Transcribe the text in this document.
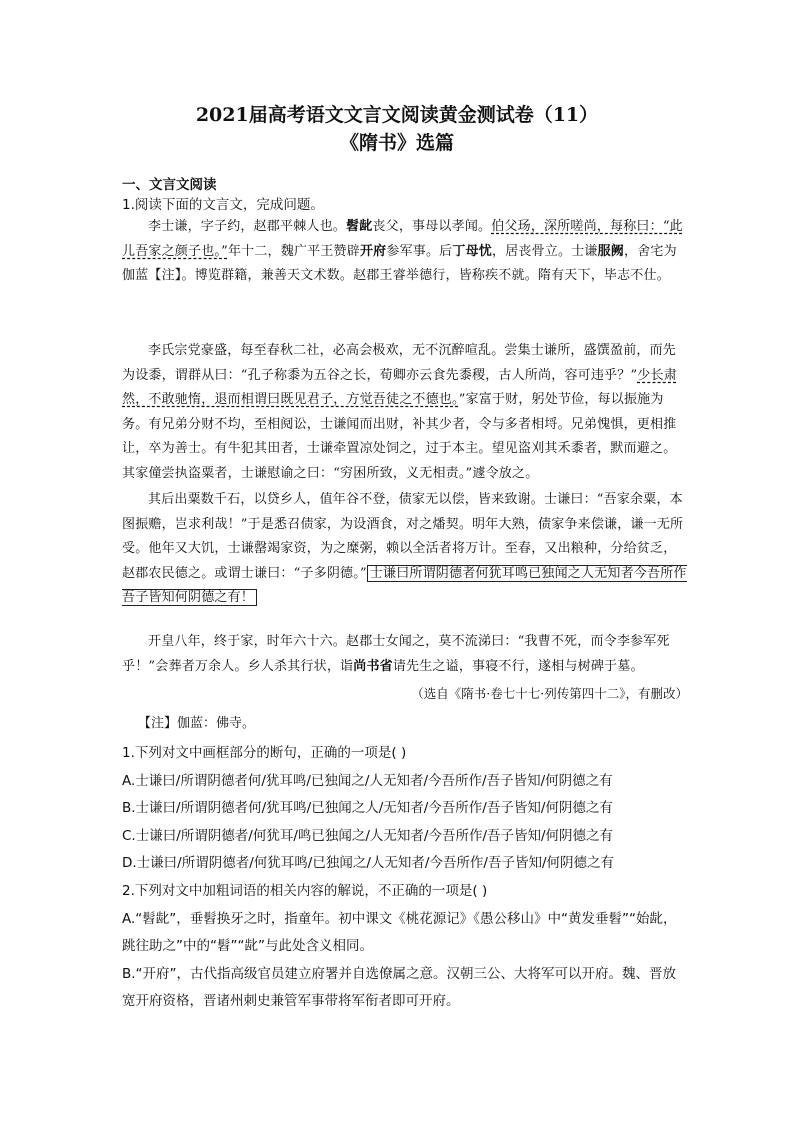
2021届高考语文文言文阅读黄金测试卷（11）
《隋书》选篇
一、文言文阅读
1.阅读下面的文言文，完成问题。

李士谦，字子约，赵郡平棘人也。髫龀丧父，事母以孝闻。伯父玚，深所嗟尚，每称曰：“此儿吾家之颜子也。”年十二，魏广平王赞辟开府参军事。后丁母忧，居丧骨立。士谦服阙，舍宅为伽蓝【注】。博览群籍，兼善天文术数。赵郡王睿举德行，皆称疾不就。隋有天下，毕志不仕。

李氏宗党豪盛，每至春秋二社，必高会极欢，无不沉醉喧乱。尝集士谦所，盛馔盈前，而先为设黍，谓群从曰：“孔子称黍为五谷之长，荀卿亦云食先黍稷，古人所尚，容可违乎？”少长肃然，不敢驰惰，退而相谓曰既见君子，方觉吾徒之不德也。”家富于财，躬处节俭，每以振施为务。有兄弟分财不均，至相阋讼，士谦闻而出财，补其少者，令与多者相埒。兄弟愧惧，更相推让，卒为善士。有牛犯其田者，士谦牵置凉处饲之，过于本主。望见盗刈其禾黍者，默而避之。其家僮尝执盗粟者，士谦慰谕之曰：“穷困所致，义无相责。”遽令放之。

其后出粟数千石，以贷乡人，值年谷不登，债家无以偿，皆来致谢。士谦曰：“吾家余粟，本图振赡，岂求利哉！”于是悉召债家，为设酒食，对之燔契。明年大熟，债家争来偿谦，谦一无所受。他年又大饥，士谦罄竭家资，为之糜粥，赖以全活者将万计。至春，又出粮种，分给贫乏，赵郡农民德之。或谓士谦曰：“子多阴德。” 士谦曰所谓阴德者何犹耳鸣已独闻之人无知者今吾所作吾子皆知何阴德之有！

开皇八年，终于家，时年六十六。赵郡士女闻之，莫不流涕曰：“我曹不死，而令李参军死乎！”会葬者万余人。乡人杀其行状，诣尚书省请先生之谥，事寝不行，遂相与树碑于墓。

（选自《隋书·卷七十七·列传第四十二》，有删改）
【注】伽蓝：佛寺。

1.下列对文中画框部分的断句，正确的一项是( )

A.士谦曰/所谓阴德者何/犹耳鸣/已独闻之/人无知者/今吾所作/吾子皆知/何阴德之有

B.士谦曰/所谓阴德者何/犹耳鸣/已独闻之人/无知者/今吾所作/吾子皆知/何阴德之有

C.士谦曰/所谓阴德者/何犹耳/鸣已独闻之/人无知者/今吾所作/吾子皆知/何阴德之有

D.士谦曰/所谓阴德者/何犹耳鸣/已独闻之/人无知者/今吾所作/吾子皆知/何阴德之有

2.下列对文中加粗词语的相关内容的解说，不正确的一项是( )

A.“髫龀”，垂髫换牙之时，指童年。初中课文《桃花源记》《愚公移山》中“黄发垂髫”“始龀，跳往助之”中的“髫”“龀”与此处含义相同。

B.“开府”，古代指高级官员建立府署并自选僚属之意。汉朝三公、大将军可以开府。魏、晋放宽开府资格，晋诸州刺史兼管军事带将军衔者即可开府。
